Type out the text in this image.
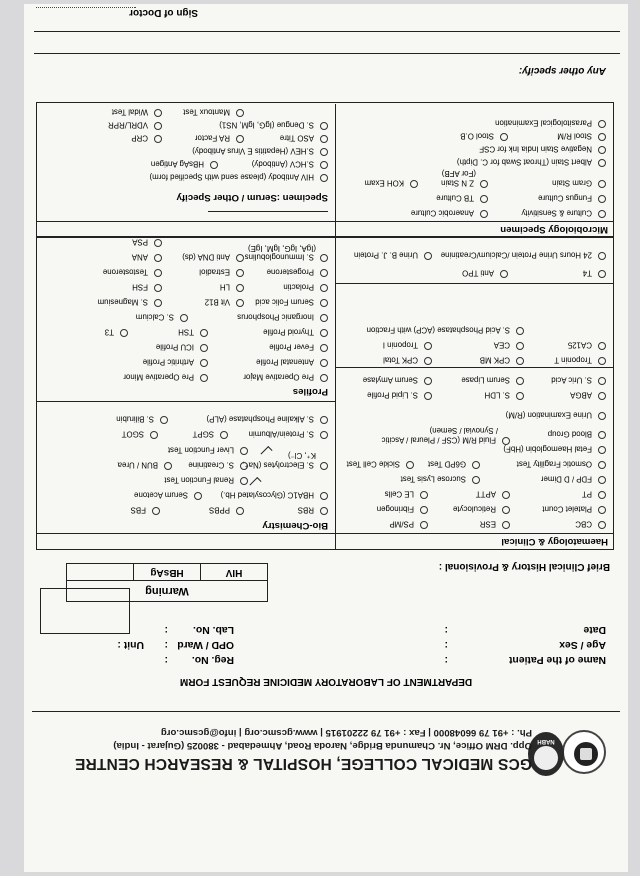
NABH
GCS MEDICAL COLLEGE, HOSPITAL & RESEARCH CENTRE
Opp. DRM Office, Nr. Chamunda Bridge, Naroda Road, Ahmedabad - 380025 (Gujarat - India)
Ph. : +91 79 66048000 | Fax : +91 79 22201915 | www.gcsmc.org | info@gcsmc.org
DEPARTMENT OF LABORATORY MEDICINE REQUEST FORM
Name of the Patient
:
Reg. No.
:
Age / Sex
:
OPD / Ward
:
Unit :
Date
:
Lab. No.
:
Warning
HIV
HBsAg
Brief Clinical History & Provisional :
Haematology & Clinical
Bio-Chemistry	CBC
ESR
PS/MP
Platelet Count
Reticulocyte
Fibrinogen
PT
APTT
LE Cells
FDP / D Dimer
Sucrose Lysis Test
Osmotic Fragility Test
G6PD Test
Sickle Cell Test
Fetal Haemoglobin (HbF)
Blood Group
Fluid R/M (CSF / Pleural / Ascitic
/ Synovial / Semen)
Urine Examination (R/M)
RBS
PPBS
FBS
HBA1C (Glycosylated Hb.)
Serum Acetone
Renal Function Test
S. Electrolytes (Na⁺,
K⁺, Cl⁻)
S. Creatinine
BUN / Urea
Liver Function Test
S. Protein/Albumin
SGPT
SGOT
S. Alkaline Phosphatase (ALP)
S. Bilirubin
ABGA
S. LDH
S. Lipid Profile
S. Uric Acid
Serum Lipase
Serum Amylase
Troponin T
CPK MB
CPK Total
CA125
CEA
Troponin I
S. Acid Phosphatase (ACP) with Fraction
Inorganic Phosphorus
S. Calcium
Serum Folic acid
Vit B12
S. Magnesium
Prolactin
LH
FSH
Progesterone
Estradiol
Testosterone
S. Immunoglobulins
(IgA, IgG, IgM, IgE)
Anti DNA (ds)
ANA
PSA
Microbiology Specimen
Specimen :Serum / Other Specify
Culture & Sensitivity
Anaerobic Culture
Fungus Culture
TB Culture
Gram Stain
Z N Stain
(For AFB)
KOH Exam
Albert Stain (Throat Swab for C. Dipth)
Negative Stain India Ink for CSF
Stool R/M
Stool O.B
Parasitological Examination
HIV Antibody (please send with Specified form)
S.HCV (Antibody)
HBsAg Antigen
S.HEV (Hepatitis E Virus Antibody)
ASO Titre
RA Factor
CRP
S. Dengue (IgG, IgM, NS1)
VDRL/RPR
Mantoux Test
Widal Test
Any other specify:
Sign of Doctor
Profiles
Pre Operative Major
Pre Operative Minor
Antenatal Profile
Arthritic Profile
Fever Profile
ICU Profile
Thyroid Profile
TSH
T3
T4
Anti TPO
24 Hours Urine Protein /Calcium/Creatinine
Urine B. J. Protein
